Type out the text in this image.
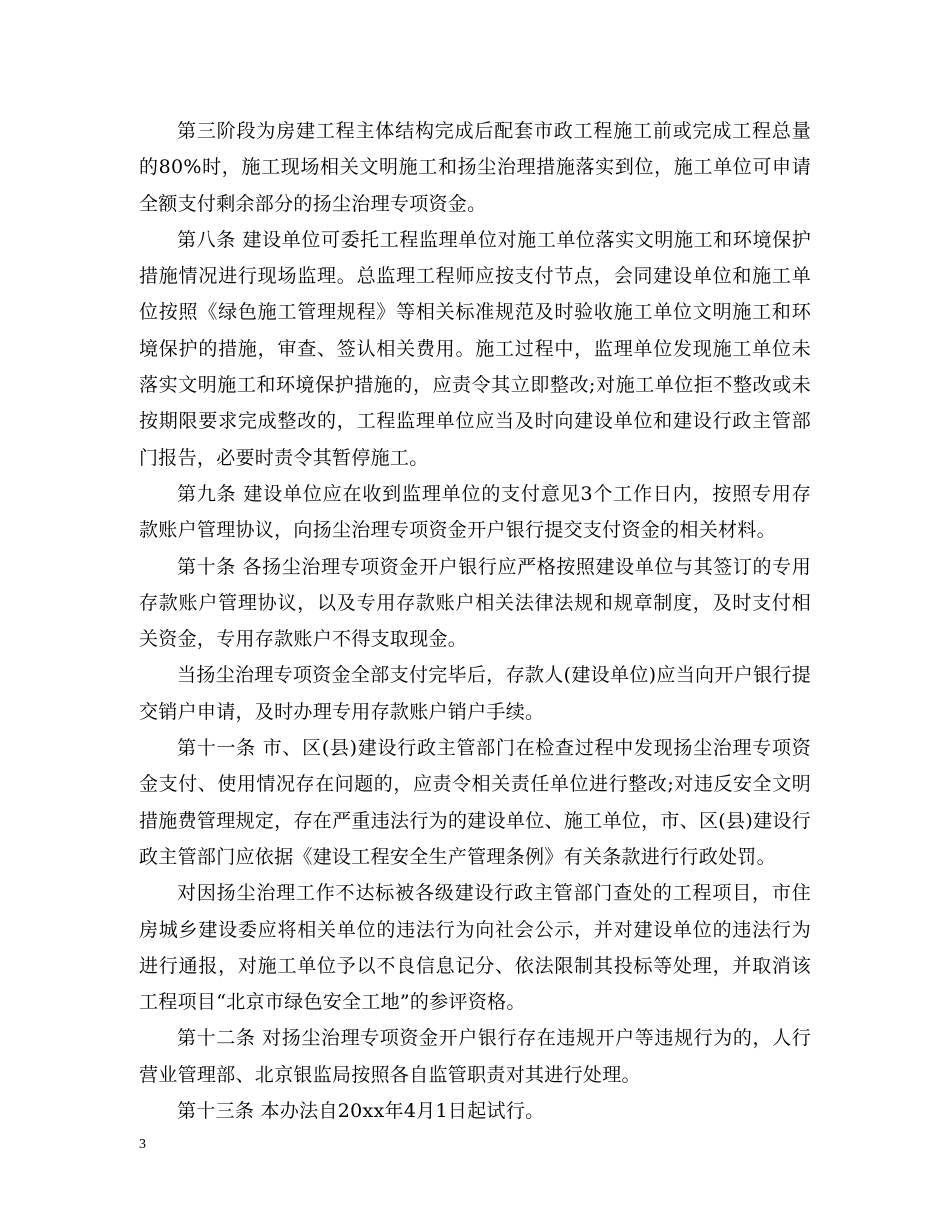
第三阶段为房建工程主体结构完成后配套市政工程施工前或完成工程总量的80%时，施工现场相关文明施工和扬尘治理措施落实到位，施工单位可申请全额支付剩余部分的扬尘治理专项资金。

第八条 建设单位可委托工程监理单位对施工单位落实文明施工和环境保护措施情况进行现场监理。总监理工程师应按支付节点，会同建设单位和施工单位按照《绿色施工管理规程》等相关标准规范及时验收施工单位文明施工和环境保护的措施，审查、签认相关费用。施工过程中，监理单位发现施工单位未落实文明施工和环境保护措施的，应责令其立即整改;对施工单位拒不整改或未按期限要求完成整改的，工程监理单位应当及时向建设单位和建设行政主管部门报告，必要时责令其暂停施工。

第九条 建设单位应在收到监理单位的支付意见3个工作日内，按照专用存款账户管理协议，向扬尘治理专项资金开户银行提交支付资金的相关材料。

第十条 各扬尘治理专项资金开户银行应严格按照建设单位与其签订的专用存款账户管理协议，以及专用存款账户相关法律法规和规章制度，及时支付相关资金，专用存款账户不得支取现金。

当扬尘治理专项资金全部支付完毕后，存款人(建设单位)应当向开户银行提交销户申请，及时办理专用存款账户销户手续。

第十一条 市、区(县)建设行政主管部门在检查过程中发现扬尘治理专项资金支付、使用情况存在问题的，应责令相关责任单位进行整改;对违反安全文明措施费管理规定，存在严重违法行为的建设单位、施工单位，市、区(县)建设行政主管部门应依据《建设工程安全生产管理条例》有关条款进行行政处罚。

对因扬尘治理工作不达标被各级建设行政主管部门查处的工程项目，市住房城乡建设委应将相关单位的违法行为向社会公示，并对建设单位的违法行为进行通报，对施工单位予以不良信息记分、依法限制其投标等处理，并取消该工程项目“北京市绿色安全工地”的参评资格。

第十二条 对扬尘治理专项资金开户银行存在违规开户等违规行为的，人行营业管理部、北京银监局按照各自监管职责对其进行处理。

第十三条 本办法自20xx年4月1日起试行。

3
